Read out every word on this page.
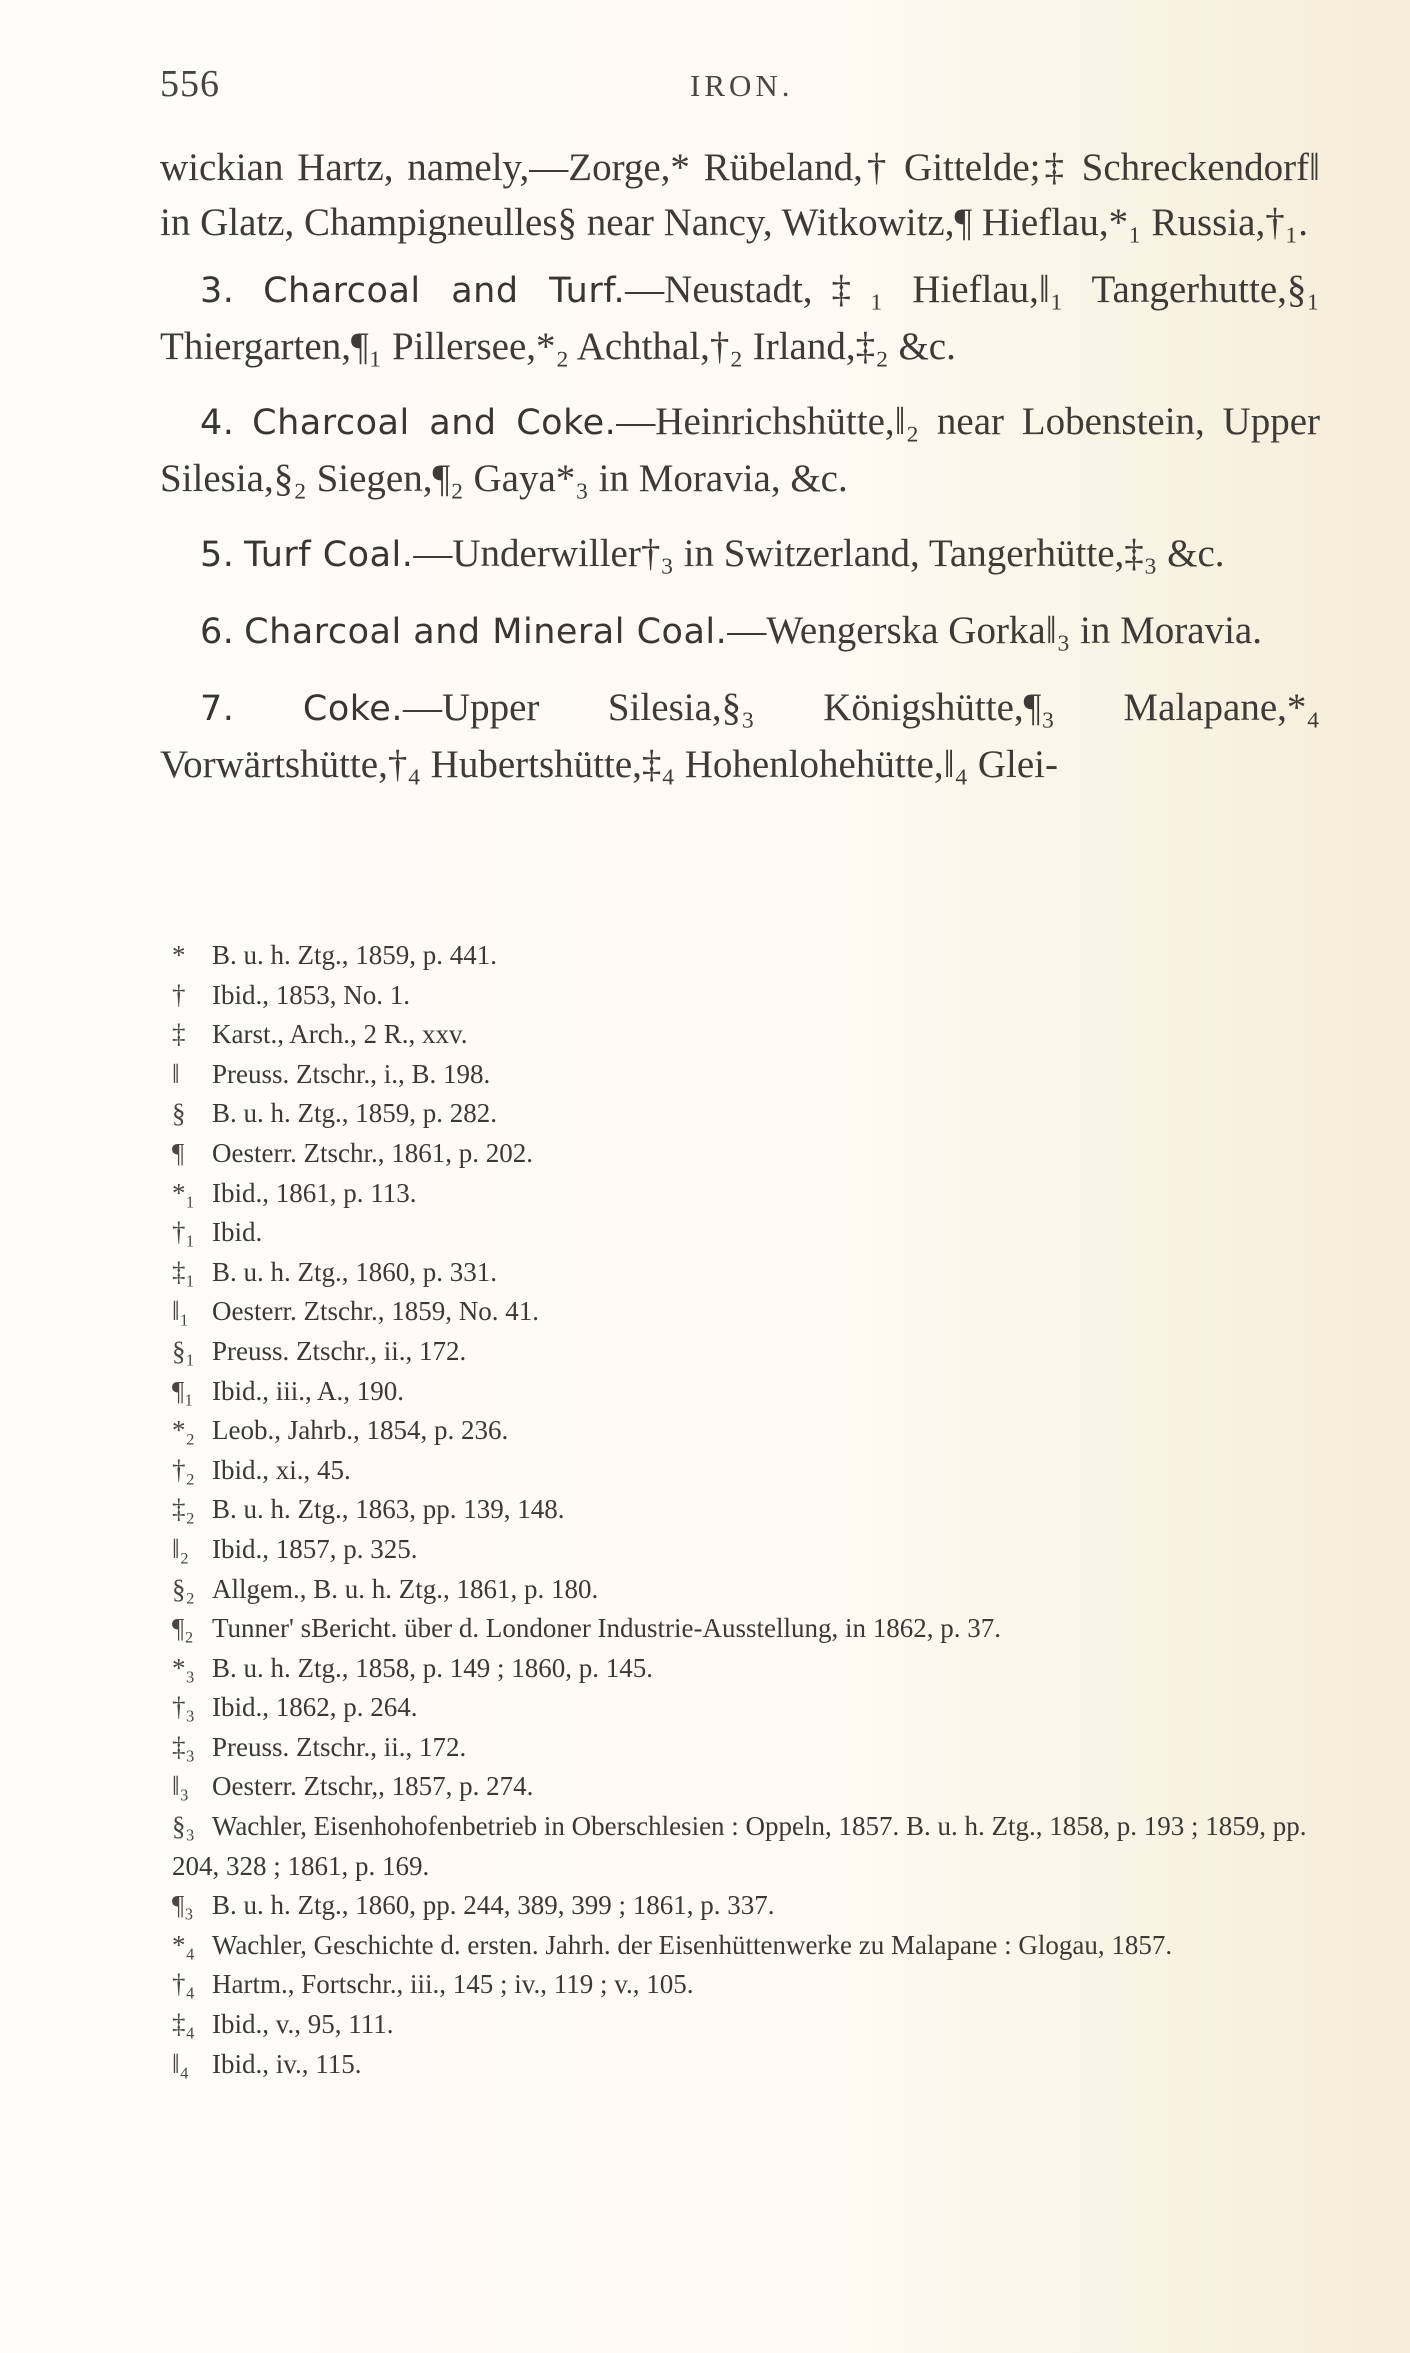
556	IRON.

wickian Hartz, namely,—Zorge,* Rübeland,† Gittelde;‡ Schreckendorf‖ in Glatz, Champigneulles§ near Nancy, Witkowitz,¶ Hieflau,*₁ Russia,†₁.

3. Charcoal and Turf.—Neustadt,‡₁ Hieflau,‖₁ Tangerhutte,§₁ Thiergarten,¶₁ Pillersee,*₂ Achthal,†₂ Irland,‡₂ &c.

4. Charcoal and Coke.—Heinrichshütte,‖₂ near Lobenstein, Upper Silesia,§₂ Siegen,¶₂ Gaya*₃ in Moravia, &c.

5. Turf Coal.—Underwiller†₃ in Switzerland, Tangerhütte,‡₃ &c.

6. Charcoal and Mineral Coal.—Wengerska Gorka‖₃ in Moravia.

7. Coke.—Upper Silesia,§₃ Königshütte,¶₃ Malapane,*₄ Vorwärtshütte,†₄ Hubertshütte,‡₄ Hohenlohehütte,‖₄ Glei-

* B. u. h. Ztg., 1859, p. 441.

† Ibid., 1853, No. 1.

‡ Karst., Arch., 2 R., xxv.

‖ Preuss. Ztschr., i., B. 198.

§ B. u. h. Ztg., 1859, p. 282.

¶ Oesterr. Ztschr., 1861, p. 202.

*₁ Ibid., 1861, p. 113.

†₁ Ibid.

‡₁ B. u. h. Ztg., 1860, p. 331.

‖₁ Oesterr. Ztschr., 1859, No. 41.

§₁ Preuss. Ztschr., ii., 172.

¶₁ Ibid., iii., A., 190.

*₂ Leob., Jahrb., 1854, p. 236.

†₂ Ibid., xi., 45.

‡₂ B. u. h. Ztg., 1863, pp. 139, 148.

‖₂ Ibid., 1857, p. 325.

§₂ Allgem., B. u. h. Ztg., 1861, p. 180.

¶₂ Tunner' sBericht. über d. Londoner Industrie-Ausstellung, in 1862, p. 37.

*₃ B. u. h. Ztg., 1858, p. 149 ; 1860, p. 145.

†₃ Ibid., 1862, p. 264.

‡₃ Preuss. Ztschr., ii., 172.

‖₃ Oesterr. Ztschr,, 1857, p. 274.

§₃ Wachler, Eisenhohofenbetrieb in Oberschlesien : Oppeln, 1857. B. u. h. Ztg., 1858, p. 193 ; 1859, pp. 204, 328 ; 1861, p. 169.

¶₃ B. u. h. Ztg., 1860, pp. 244, 389, 399 ; 1861, p. 337.

*₄ Wachler, Geschichte d. ersten. Jahrh. der Eisenhüttenwerke zu Malapane : Glogau, 1857.

†₄ Hartm., Fortschr., iii., 145 ; iv., 119 ; v., 105.

‡₄ Ibid., v., 95, 111.

‖₄ Ibid., iv., 115.
